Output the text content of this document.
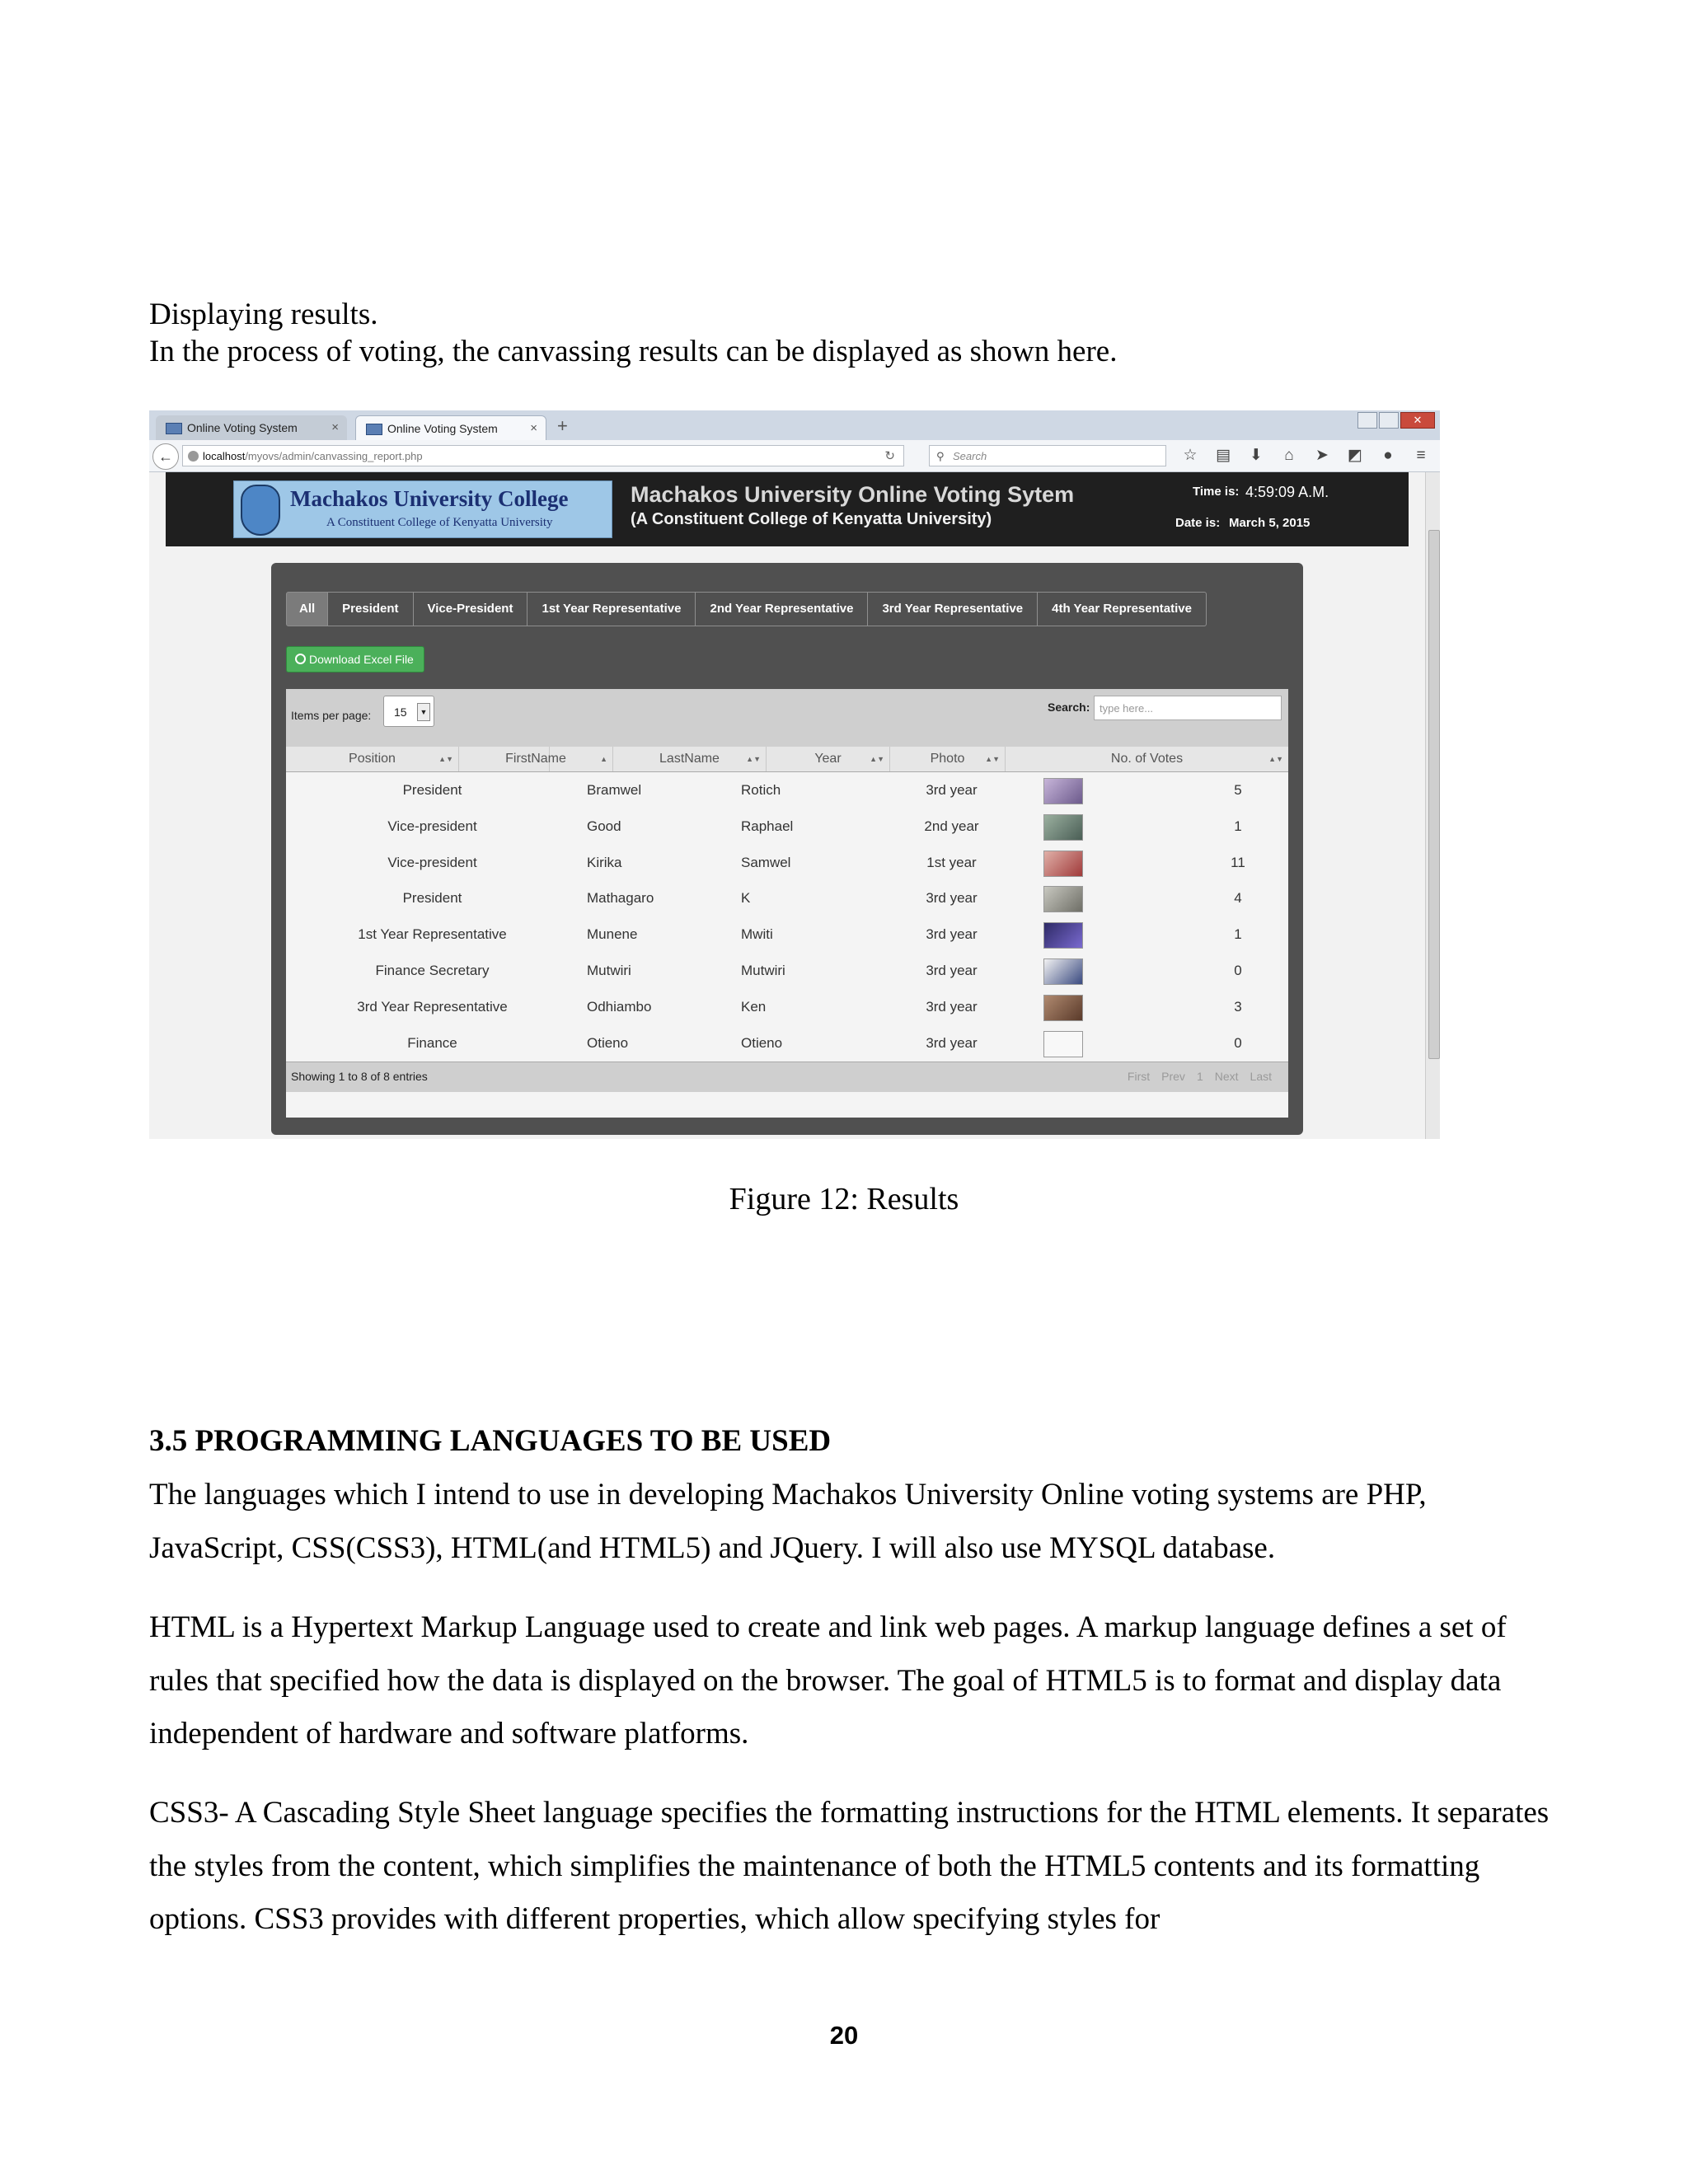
Displaying results.

In the process of voting, the canvassing results can be displayed as shown here.

Online Voting System	×	Online Voting System	× +	✕
←	localhost/myovs/admin/canvassing_report.php	↻	⚲ Search	☆ ▤ ⬇ ⌂ ➤ ◩ ● ≡
Machakos University College
A Constituent College of Kenyatta University
Machakos University Online Voting Sytem
(A Constituent College of Kenyatta University)
Time is: 4:59:09 A.M.
Date is: March 5, 2015
All	President	Vice-President	1st Year Representative	2nd Year Representative	3rd Year Representative	4th Year Representative
Download Excel File
Items per page:	15	▼	Search: type here...
Position	▲▼	FirstName	▲	LastName	▲▼	Year	▲▼	Photo	▲▼	No. of Votes	▲▼
President	Bramwel	Rotich	3rd year	5
Vice-president	Good	Raphael	2nd year	1
Vice-president	Kirika	Samwel	1st year	11
President	Mathagaro	K	3rd year	4
1st Year Representative	Munene	Mwiti	3rd year	1
Finance Secretary	Mutwiri	Mutwiri	3rd year	0
3rd Year Representative	Odhiambo	Ken	3rd year	3
Finance	Otieno	Otieno	3rd year	0
Showing 1 to 8 of 8 entries	First Prev 1 Next Last
Figure 12: Results
3.5 PROGRAMMING LANGUAGES TO BE USED

The languages which I intend to use in developing Machakos University Online voting systems are PHP, JavaScript, CSS(CSS3), HTML(and HTML5) and JQuery. I will also use MYSQL database.

HTML is a Hypertext Markup Language used to create and link web pages. A markup language defines a set of rules that specified how the data is displayed on the browser. The goal of HTML5 is to format and display data independent of hardware and software platforms.

CSS3- A Cascading Style Sheet language specifies the formatting instructions for the HTML elements. It separates the styles from the content, which simplifies the maintenance of both the HTML5 contents and its formatting options. CSS3 provides with different properties, which allow specifying styles for

20
